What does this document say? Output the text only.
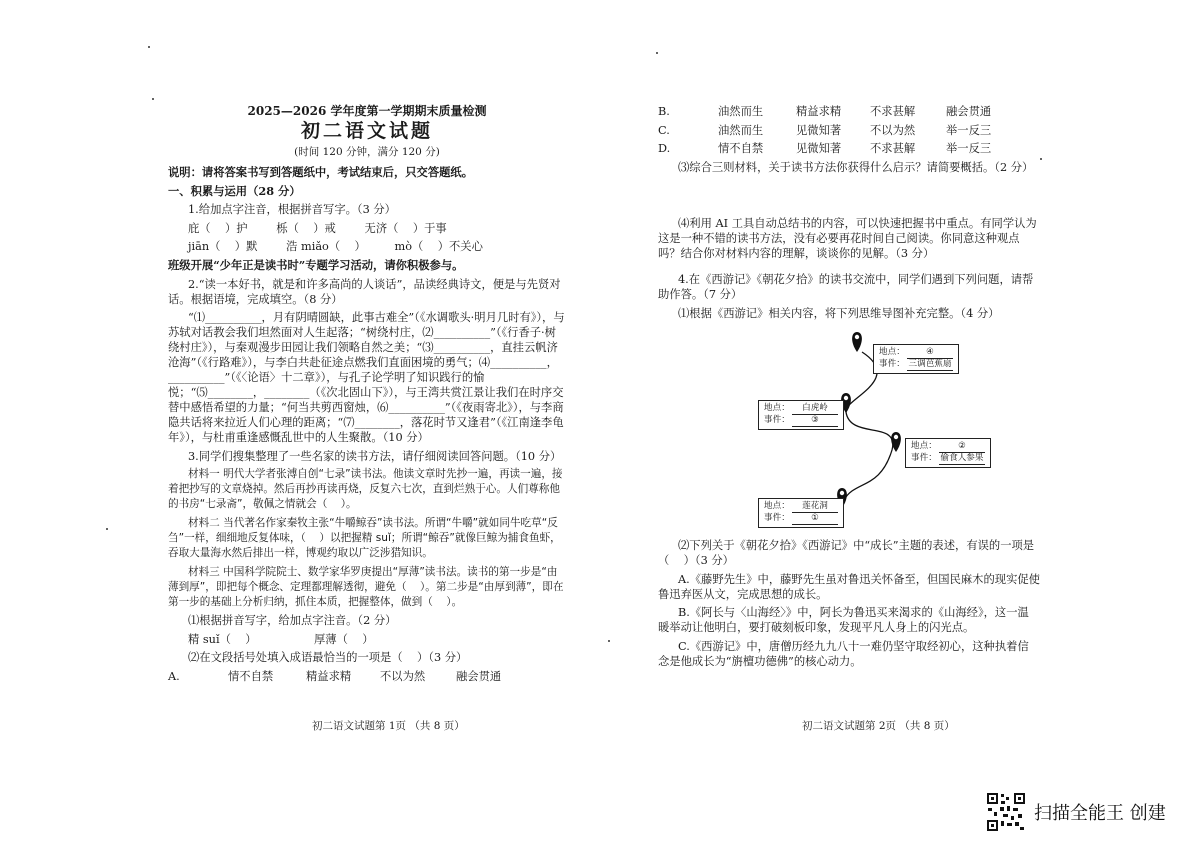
2025—2026 学年度第一学期期末质量检测

初二语文试题

(时间 120 分钟，满分 120 分)

说明：请将答案书写到答题纸中，考试结束后，只交答题纸。

一、积累与运用（28 分）

1.给加点字注音，根据拼音写字。（3 分）

庇（    ）护        栎（    ）戒        无济（    ）于事

jiān（    ）默        浩 miǎo（    ）        mò（    ）不关心

班级开展“少年正是读书时”专题学习活动，请你积极参与。

2.“读一本好书，就是和许多高尚的人谈话”，品读经典诗文，便是与先贤对话。根据语境，完成填空。（8 分）

“⑴__________，月有阴晴圆缺，此事古难全”（《水调歌头·明月几时有》），与苏轼对话教会我们坦然面对人生起落；“树绕村庄，⑵__________”（《行香子·树绕村庄》），与秦观漫步田园让我们领略自然之美；“⑶__________，直挂云帆济沧海”（《行路难》），与李白共赴征途点燃我们直面困境的勇气；⑷__________，__________”（《〈论语〉十二章》），与孔子论学明了知识践行的愉悦；“⑸________，________（《次北固山下》），与王湾共赏江景让我们在时序交替中感悟希望的力量；“何当共剪西窗烛，⑹__________”（《夜雨寄北》），与李商隐共话将来拉近人们心理的距离；“⑺________，落花时节又逢君”（《江南逢李龟年》），与杜甫重逢感慨乱世中的人生聚散。（10 分）

3.同学们搜集整理了一些名家的读书方法，请仔细阅读回答问题。（10 分）

材料一 明代大学者张溥自创“七录”读书法。他读文章时先抄一遍，再读一遍，接着把抄写的文章烧掉。然后再抄再读再烧，反复六七次，直到烂熟于心。人们尊称他的书房“七录斋”，敬佩之情就会（    ）。

材料二 当代著名作家秦牧主张“牛嚼鲸吞”读书法。所谓“牛嚼”就如同牛吃草“反刍”一样，细细地反复体味，（    ）以把握精 suǐ；所谓“鲸吞”就像巨鲸为捕食鱼虾，吞取大量海水然后排出一样，博观约取以广泛涉猎知识。

材料三 中国科学院院士、数学家华罗庚提出“厚薄”读书法。读书的第一步是“由薄到厚”，即把每个概念、定理都理解透彻，避免（    ）。第二步是“由厚到薄”，即在第一步的基础上分析归纳，抓住本质，把握整体，做到（    ）。

⑴根据拼音写字，给加点字注音。（2 分）

精 suǐ（    ）                厚薄（    ）

⑵在文段括号处填入成语最恰当的一项是（    ）（3 分）

A.	情不自禁	精益求精	不以为然	融会贯通
B.	油然而生	精益求精	不求甚解	融会贯通
C.	油然而生	见微知著	不以为然	举一反三
D.	情不自禁	见微知著	不求甚解	举一反三

⑶综合三则材料，关于读书方法你获得什么启示？请简要概括。（2 分）

⑷利用 AI 工具自动总结书的内容，可以快速把握书中重点。有同学认为这是一种不错的读书方法，没有必要再花时间自己阅读。你同意这种观点吗？结合你对材料内容的理解，谈谈你的见解。（3 分）

4.在《西游记》《朝花夕拾》的读书交流中，同学们遇到下列问题，请帮助作答。（7 分）

⑴根据《西游记》相关内容，将下列思维导图补充完整。（4 分）

地点： ④
事件： 三调芭蕉扇
地点： 白虎岭
事件： ③
地点： ②
事件： 偷食人参果
地点： 莲花洞
事件： ①

⑵下列关于《朝花夕拾》《西游记》中“成长”主题的表述，有误的一项是（    ）（3 分）

A.《藤野先生》中，藤野先生虽对鲁迅关怀备至，但国民麻木的现实促使鲁迅弃医从文，完成思想的成长。

B.《阿长与〈山海经〉》中，阿长为鲁迅买来渴求的《山海经》，这一温暖举动让他明白，要打破刻板印象，发现平凡人身上的闪光点。

C.《西游记》中，唐僧历经九九八十一难仍坚守取经初心，这种执着信念是他成长为“旃檀功德佛”的核心动力。

初二语文试题第 1页 （共 8 页）	初二语文试题第 2页 （共 8 页）
扫描全能王 创建
